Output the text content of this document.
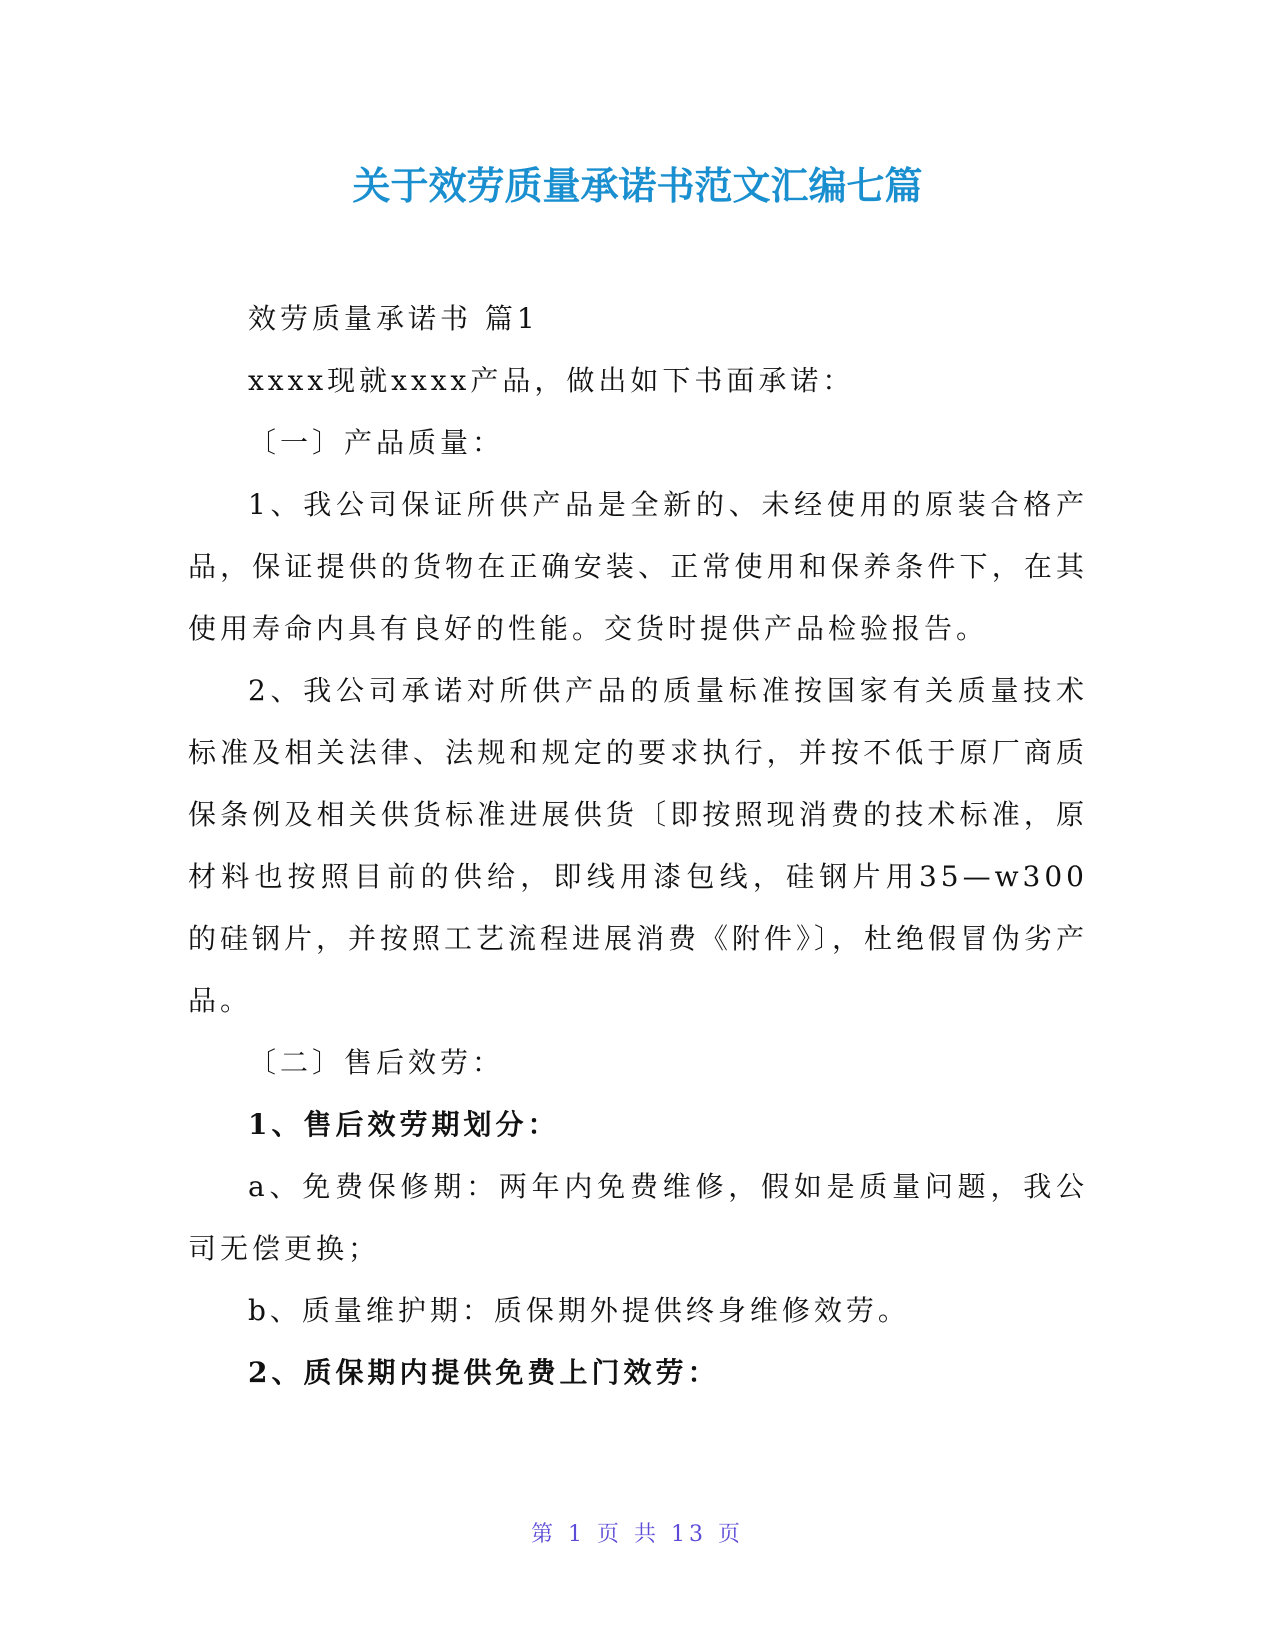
关于效劳质量承诺书范文汇编七篇

效劳质量承诺书 篇1

xxxx现就xxxx产品，做出如下书面承诺：

〔一〕产品质量：

1、我公司保证所供产品是全新的、未经使用的原装合格产品，保证提供的货物在正确安装、正常使用和保养条件下，在其使用寿命内具有良好的性能。交货时提供产品检验报告。

2、我公司承诺对所供产品的质量标准按国家有关质量技术标准及相关法律、法规和规定的要求执行，并按不低于原厂商质保条例及相关供货标准进展供货〔即按照现消费的技术标准，原材料也按照目前的供给，即线用漆包线，硅钢片用35—w300的硅钢片，并按照工艺流程进展消费《附件》〕，杜绝假冒伪劣产品。

〔二〕售后效劳：

1、售后效劳期划分：

a、免费保修期：两年内免费维修，假如是质量问题，我公司无偿更换；

b、质量维护期：质保期外提供终身维修效劳。

2、质保期内提供免费上门效劳：

第 1 页 共 13 页
